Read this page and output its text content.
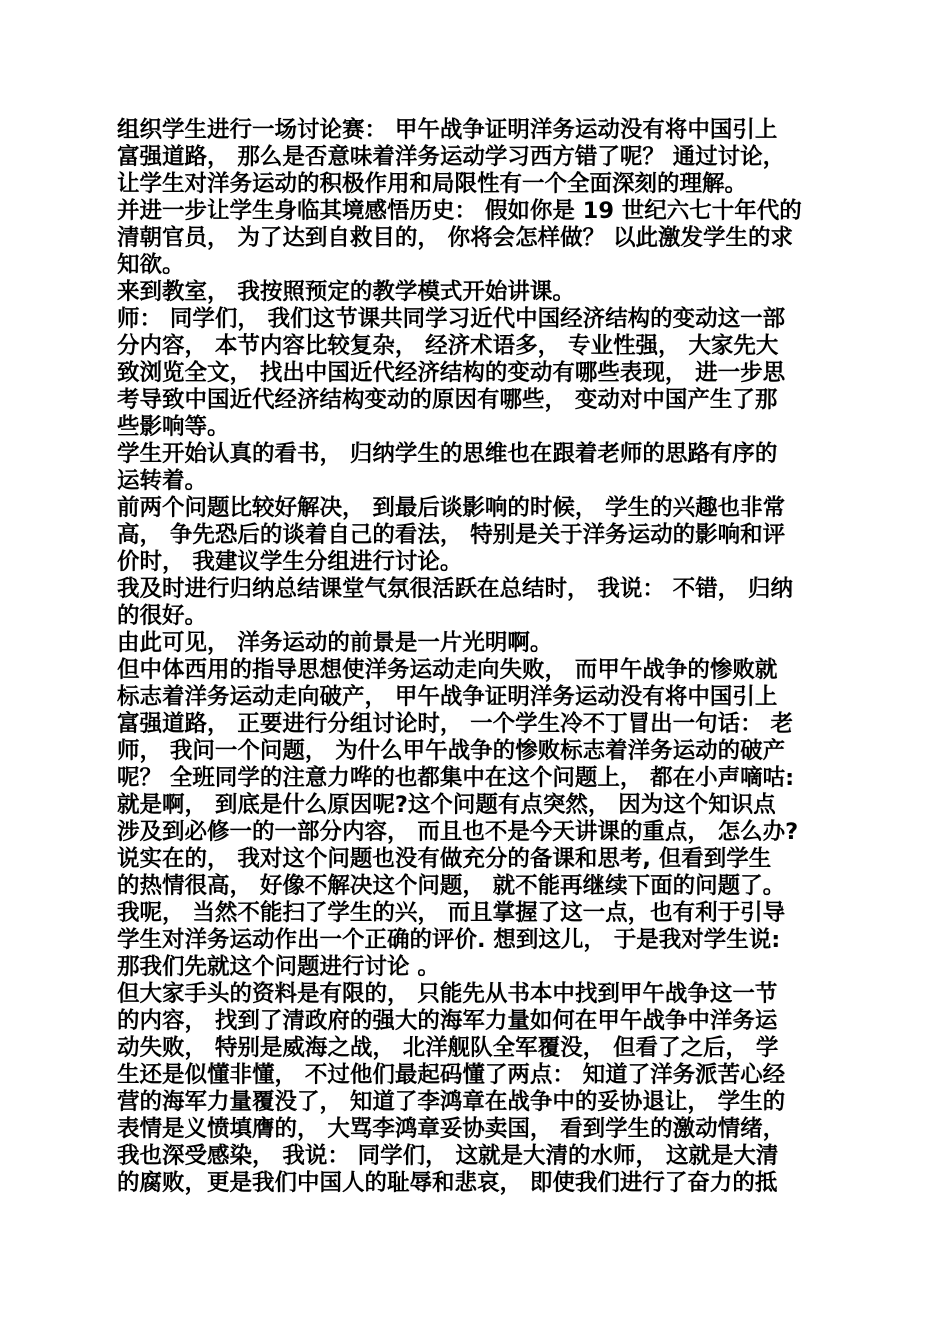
组织学生进行一场讨论赛： 甲午战争证明洋务运动没有将中国引上
富强道路， 那么是否意味着洋务运动学习西方错了呢？ 通过讨论，
让学生对洋务运动的积极作用和局限性有一个全面深刻的理解。
并进一步让学生身临其境感悟历史： 假如你是 19 世纪六七十年代的
清朝官员， 为了达到自救目的， 你将会怎样做？ 以此激发学生的求
知欲。
来到教室， 我按照预定的教学模式开始讲课。
师： 同学们， 我们这节课共同学习近代中国经济结构的变动这一部
分内容， 本节内容比较复杂， 经济术语多， 专业性强， 大家先大
致浏览全文， 找出中国近代经济结构的变动有哪些表现， 进一步思
考导致中国近代经济结构变动的原因有哪些， 变动对中国产生了那
些影响等。
学生开始认真的看书， 归纳学生的思维也在跟着老师的思路有序的
运转着。
前两个问题比较好解决， 到最后谈影响的时候， 学生的兴趣也非常
高， 争先恐后的谈着自己的看法， 特别是关于洋务运动的影响和评
价时， 我建议学生分组进行讨论。
我及时进行归纳总结课堂气氛很活跃在总结时， 我说： 不错， 归纳
的很好。
由此可见， 洋务运动的前景是一片光明啊。
但中体西用的指导思想使洋务运动走向失败， 而甲午战争的惨败就
标志着洋务运动走向破产， 甲午战争证明洋务运动没有将中国引上
富强道路， 正要进行分组讨论时， 一个学生冷不丁冒出一句话： 老
师， 我问一个问题， 为什么甲午战争的惨败标志着洋务运动的破产
呢？ 全班同学的注意力哗的也都集中在这个问题上， 都在小声嘀咕:
就是啊， 到底是什么原因呢?这个问题有点突然， 因为这个知识点
涉及到必修一的一部分内容， 而且也不是今天讲课的重点， 怎么办?
说实在的， 我对这个问题也没有做充分的备课和思考, 但看到学生
的热情很高， 好像不解决这个问题， 就不能再继续下面的问题了。
我呢， 当然不能扫了学生的兴， 而且掌握了这一点，也有利于引导
学生对洋务运动作出一个正确的评价. 想到这儿， 于是我对学生说:
那我们先就这个问题进行讨论 。
但大家手头的资料是有限的， 只能先从书本中找到甲午战争这一节
的内容， 找到了清政府的强大的海军力量如何在甲午战争中洋务运
动失败， 特别是威海之战， 北洋舰队全军覆没， 但看了之后， 学
生还是似懂非懂， 不过他们最起码懂了两点： 知道了洋务派苦心经
营的海军力量覆没了， 知道了李鸿章在战争中的妥协退让， 学生的
表情是义愤填膺的， 大骂李鸿章妥协卖国， 看到学生的激动情绪，
我也深受感染， 我说： 同学们， 这就是大清的水师， 这就是大清
的腐败，更是我们中国人的耻辱和悲哀， 即使我们进行了奋力的抵
